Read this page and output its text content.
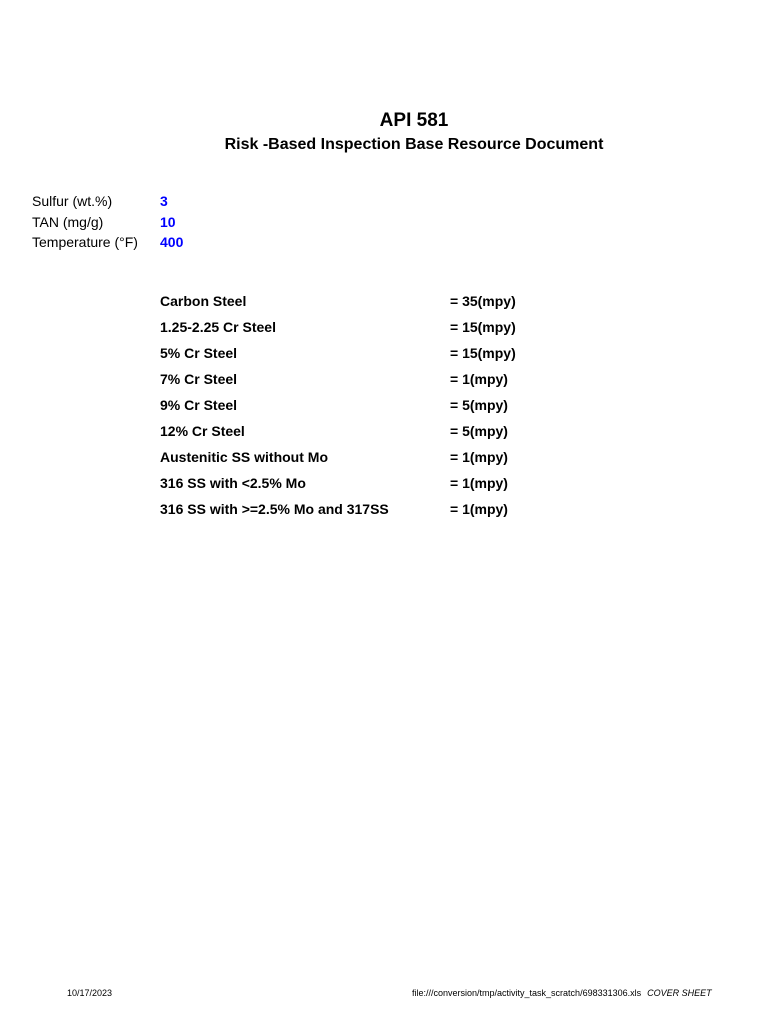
API 581
Risk -Based Inspection Base Resource Document
Sulfur (wt.%)	3
TAN (mg/g)	10
Temperature (°F)	400
Carbon Steel	= 35(mpy)
1.25-2.25 Cr Steel	= 15(mpy)
5% Cr Steel	= 15(mpy)
7% Cr Steel	= 1(mpy)
9% Cr Steel	= 5(mpy)
12% Cr Steel	= 5(mpy)
Austenitic SS without Mo	= 1(mpy)
316 SS with <2.5% Mo	= 1(mpy)
316 SS with >=2.5% Mo and 317SS	= 1(mpy)
10/17/2023	file:///conversion/tmp/activity_task_scratch/698331306.xls COVER SHEET
